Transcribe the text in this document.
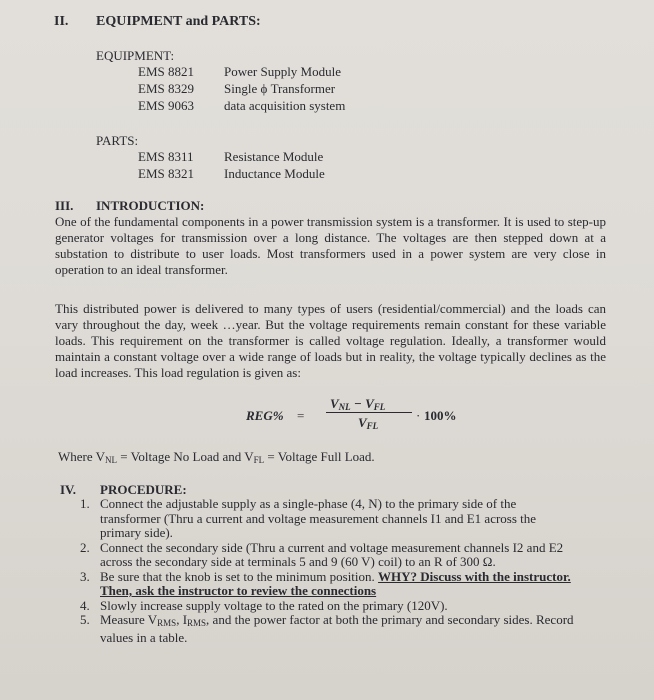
II. EQUIPMENT and PARTS:
EQUIPMENT:
EMS 8821	Power Supply Module
EMS 8329	Single ϕ Transformer
EMS 9063	data acquisition system
PARTS:
EMS 8311	Resistance Module
EMS 8321	Inductance Module
III. INTRODUCTION:
One of the fundamental components in a power transmission system is a transformer. It is used to step-up generator voltages for transmission over a long distance. The voltages are then stepped down at a substation to distribute to user loads. Most transformers used in a power system are very close in operation to an ideal transformer.
This distributed power is delivered to many types of users (residential/commercial) and the loads can vary throughout the day, week …year. But the voltage requirements remain constant for these variable loads. This requirement on the transformer is called voltage regulation. Ideally, a transformer would maintain a constant voltage over a wide range of loads but in reality, the voltage typically declines as the load increases. This load regulation is given as:
REG% =
$V_{NL} - V_{FL}$
$V_{FL}$
· 100%
Where $V_{NL}$ = Voltage No Load and $V_{FL}$ = Voltage Full Load.
IV. PROCEDURE:
1. Connect the adjustable supply as a single-phase (4, N) to the primary side of the transformer (Thru a current and voltage measurement channels I1 and E1 across the primary side).
2. Connect the secondary side (Thru a current and voltage measurement channels I2 and E2 across the secondary side at terminals 5 and 9 (60 V) coil) to an R of 300 Ω.
3. Be sure that the knob is set to the minimum position. WHY? Discuss with the instructor. Then, ask the instructor to review the connections
4. Slowly increase supply voltage to the rated on the primary (120V).
5. Measure $V_{RMS}$, $I_{RMS}$, and the power factor at both the primary and secondary sides. Record values in a table.
